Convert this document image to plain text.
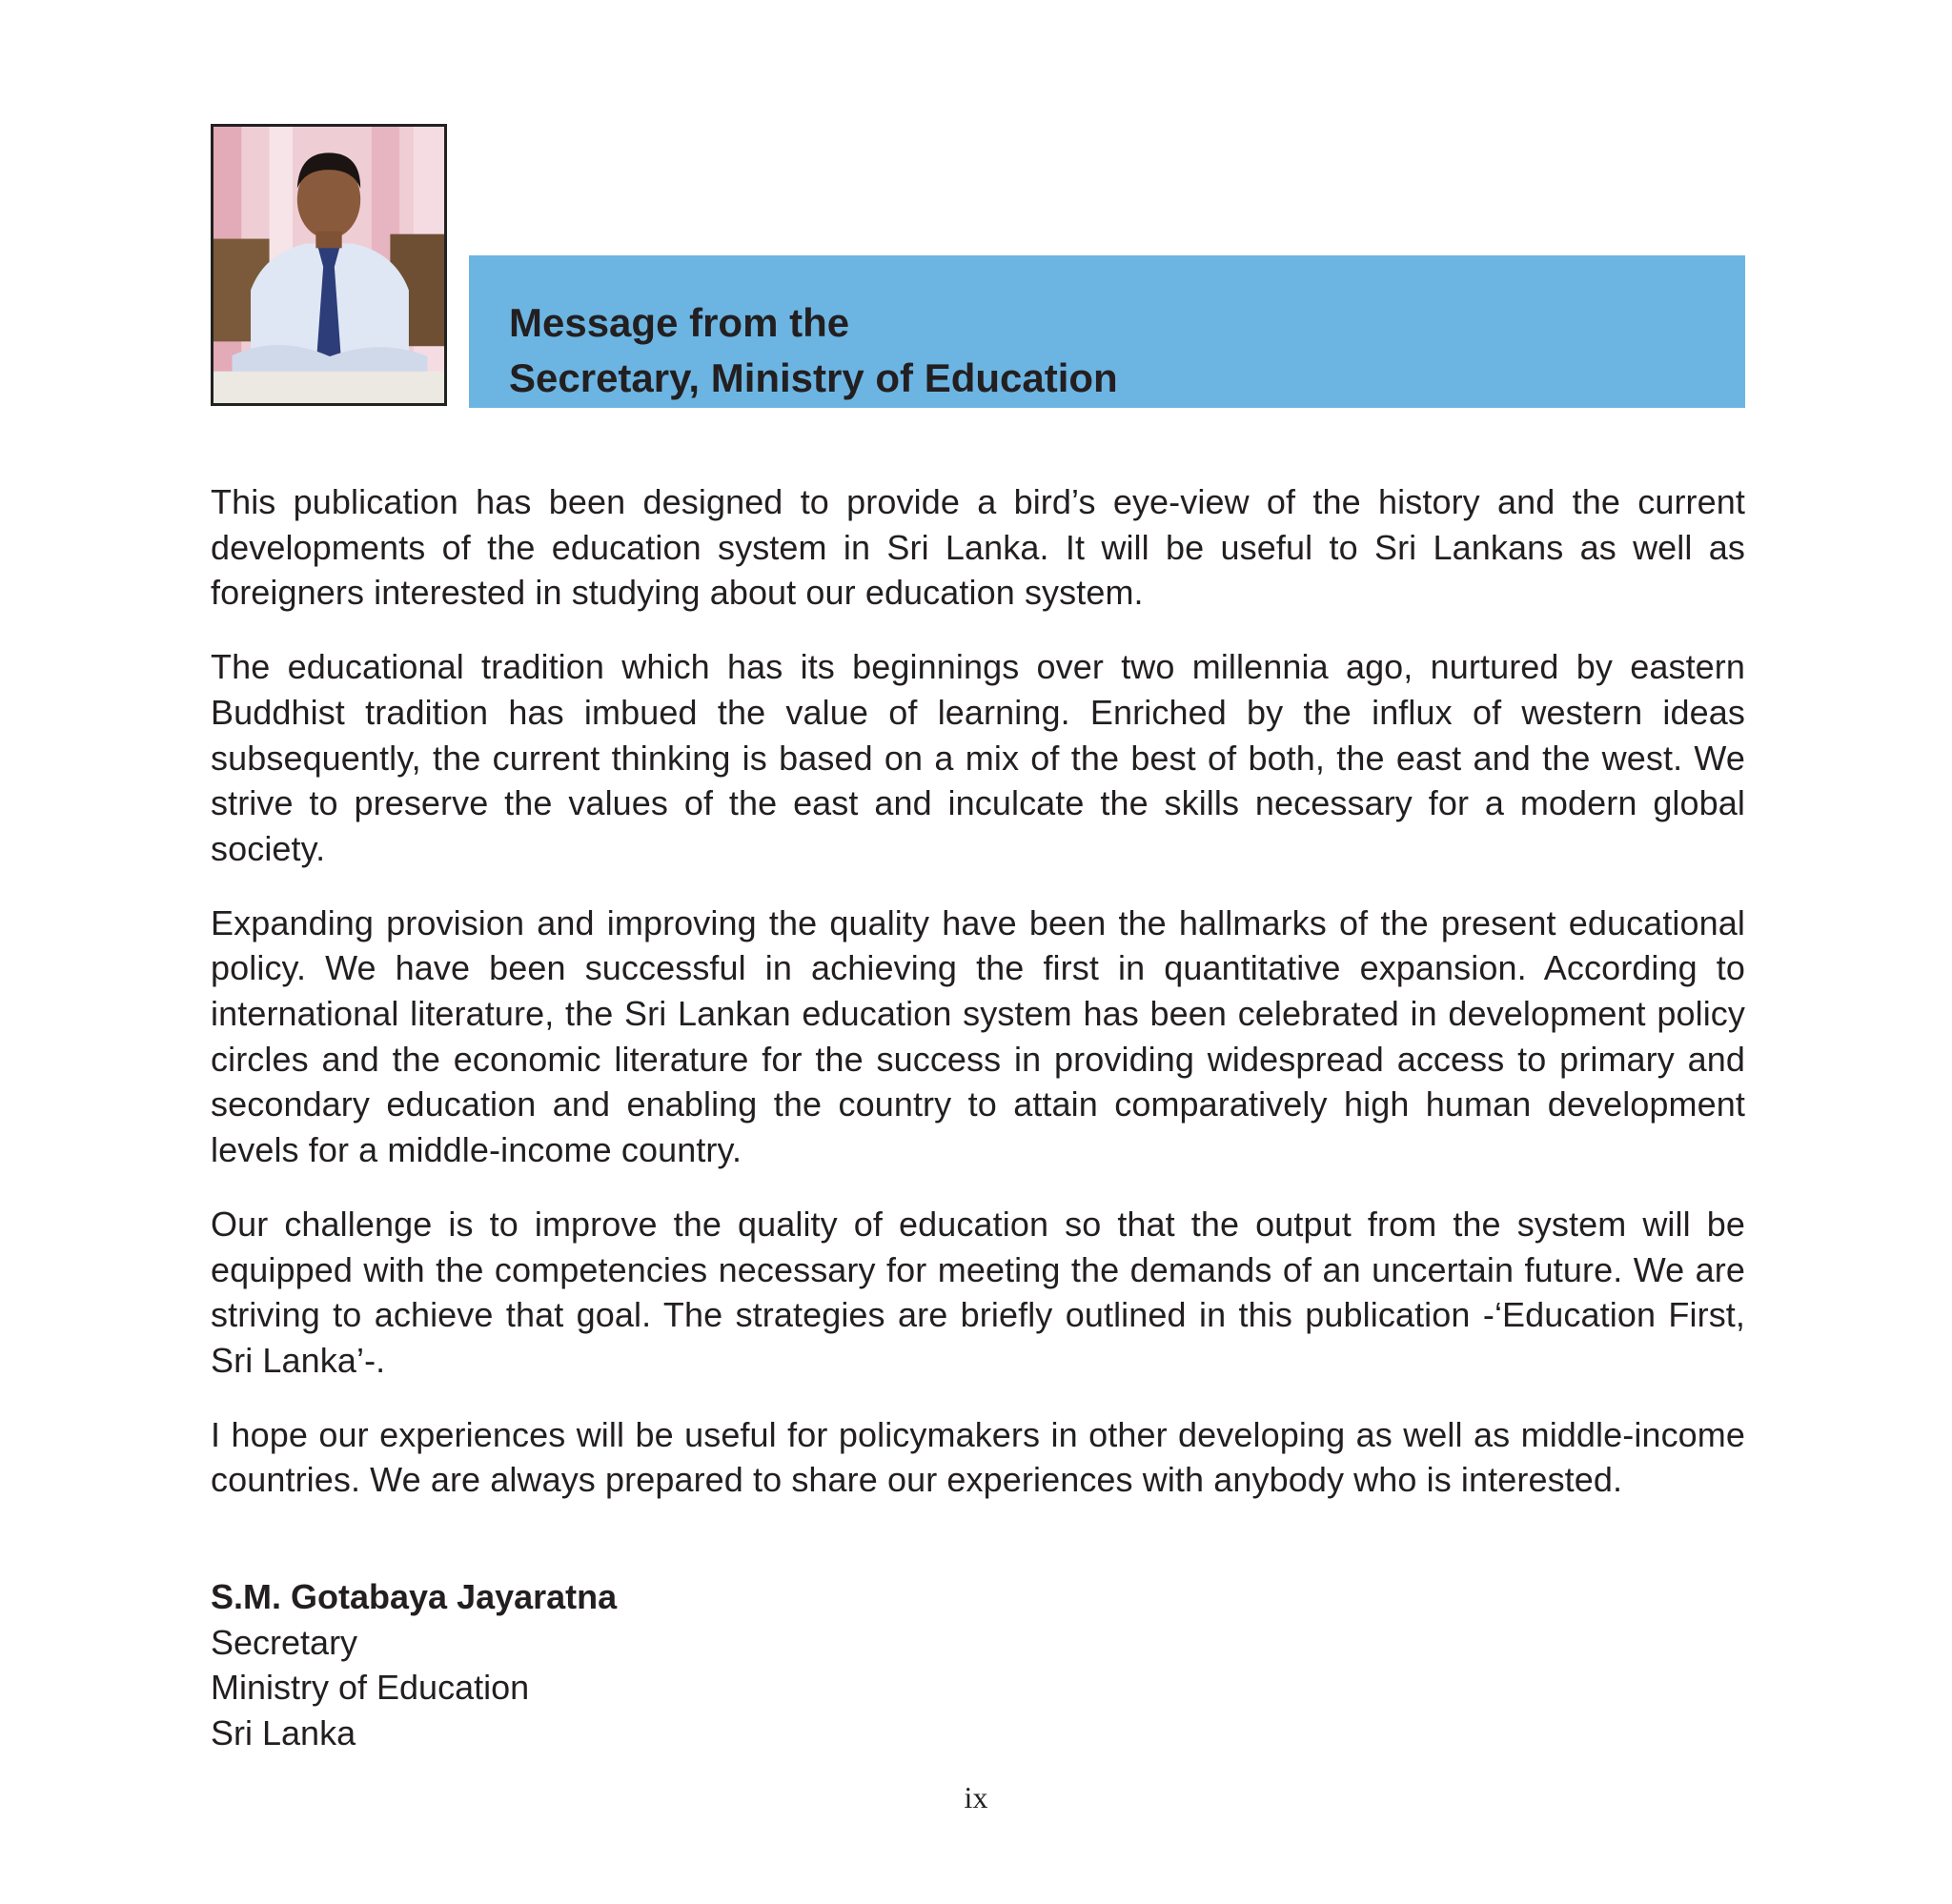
Message from the
Secretary, Ministry of Education

This publication has been designed to provide a bird’s eye-view of the history and the current developments of the education system in Sri Lanka. It will be useful to Sri Lankans as well as foreigners interested in studying about our education system.

The educational tradition which has its beginnings over two millennia ago, nurtured by eastern Buddhist tradition has imbued the value of learning. Enriched by the influx of western ideas subsequently, the current thinking is based on a mix of the best of both, the east and the west. We strive to preserve the values of the east and inculcate the skills necessary for a modern global society.

Expanding provision and improving the quality have been the hallmarks of the present educational policy. We have been successful in achieving the first in quantitative expansion. According to international literature, the Sri Lankan education system has been celebrated in development policy circles and the economic literature for the success in providing widespread access to primary and secondary education and enabling the country to attain comparatively high human development levels for a middle-income country.

Our challenge is to improve the quality of education so that the output from the system will be equipped with the competencies necessary for meeting the demands of an uncertain future. We are striving to achieve that goal. The strategies are briefly outlined in this publication -‘Education First, Sri Lanka’-.

I hope our experiences will be useful for policymakers in other developing as well as middle-income countries. We are always prepared to share our experiences with anybody who is interested.

S.M. Gotabaya Jayaratna
Secretary
Ministry of Education
Sri Lanka
ix
